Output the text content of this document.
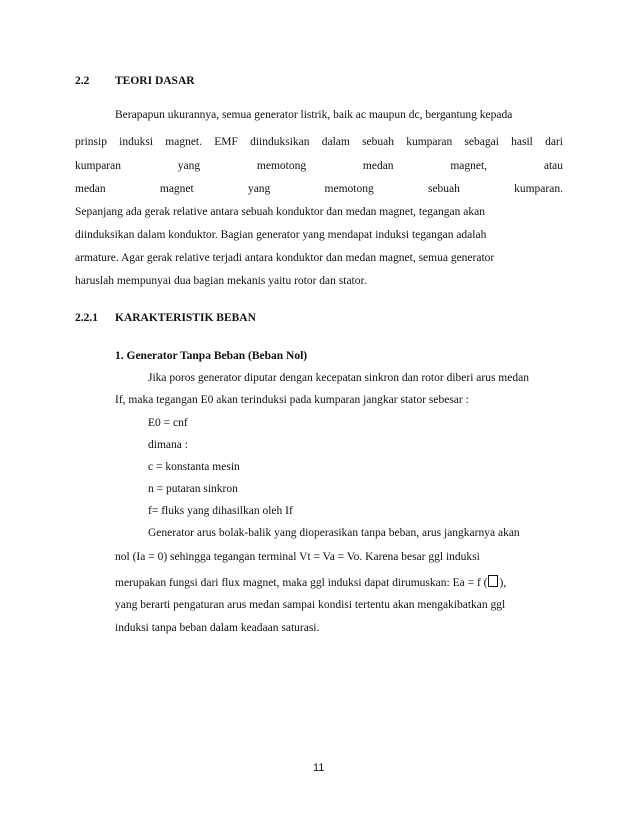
2.2 TEORI DASAR
Berapapun ukurannya, semua generator listrik, baik ac maupun dc, bergantung kepada
prinsip induksi magnet. EMF diinduksikan dalam sebuah kumparan sebagai hasil dari
kumparan	yang	memotong	medan	magnet,	atau
medan	magnet	yang	memotong	sebuah	kumparan.
Sepanjang ada gerak relative antara sebuah konduktor dan medan magnet, tegangan akan
diinduksikan dalam konduktor. Bagian generator yang mendapat induksi tegangan adalah
armature. Agar gerak relative terjadi antara konduktor dan medan magnet, semua generator
haruslah mempunyai dua bagian mekanis yaitu rotor dan stator.
2.2.1 KARAKTERISTIK BEBAN
1. Generator Tanpa Beban (Beban Nol)
Jika poros generator diputar dengan kecepatan sinkron dan rotor diberi arus medan
If, maka tegangan E0 akan terinduksi pada kumparan jangkar stator sebesar :
E0 = cnf
dimana :
c = konstanta mesin
n = putaran sinkron
f= fluks yang dihasilkan oleh If
Generator arus bolak-balik yang dioperasikan tanpa beban, arus jangkarnya akan
nol (Ia = 0) sehingga tegangan terminal Vt = Va = Vo. Karena besar ggl induksi
merupakan fungsi dari flux magnet, maka ggl induksi dapat dirumuskan: Ea = f ( ),
yang berarti pengaturan arus medan sampai kondisi tertentu akan mengakibatkan ggl
induksi tanpa beban dalam keadaan saturasi.
11
